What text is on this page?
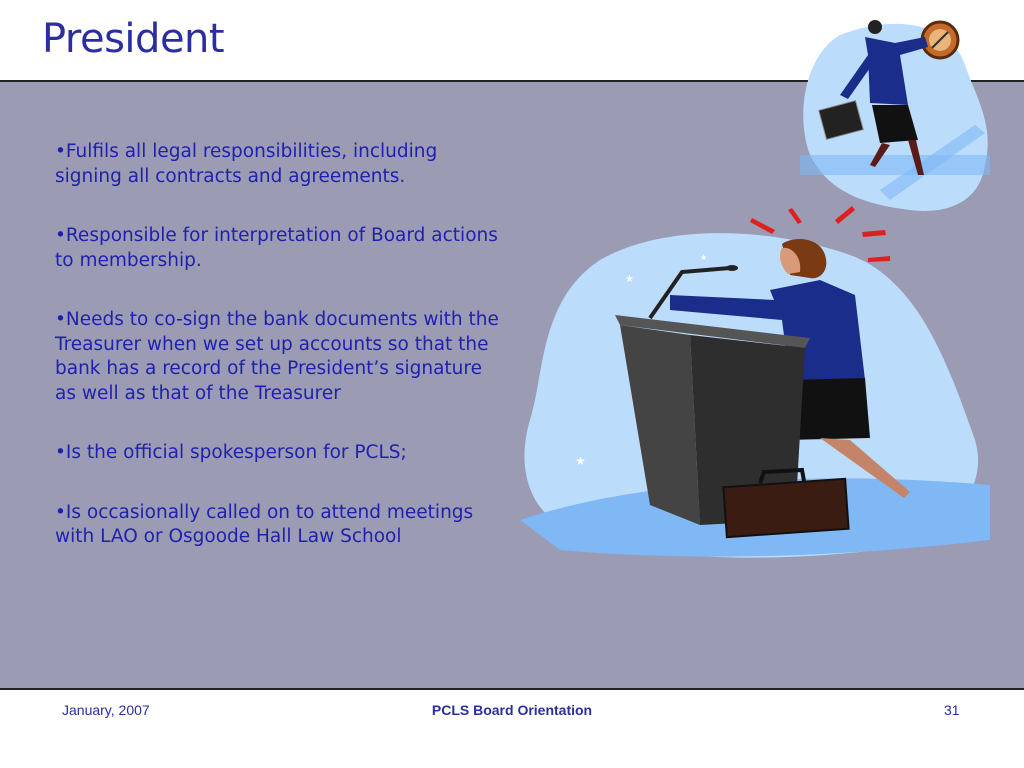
President
•Fulfils all legal responsibilities, including signing all contracts and agreements.
•Responsible for interpretation of Board actions to membership.
•Needs to co-sign the bank documents with the Treasurer when we set up accounts so that the bank has a record of the President’s signature as well as that of the Treasurer
•Is the official spokesperson for PCLS;
•Is occasionally called on to attend meetings with LAO or Osgoode Hall Law School
★
★
★
January, 2007	PCLS Board Orientation	31
